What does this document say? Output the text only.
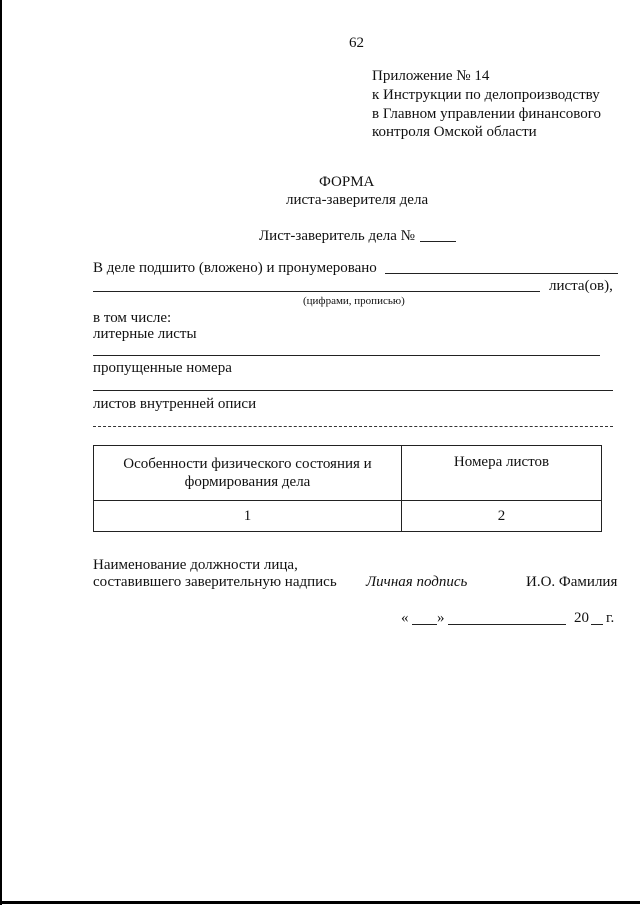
62
Приложение № 14
к Инструкции по делопроизводству
в Главном управлении финансового
контроля Омской области
ФОРМА
листа-заверителя дела
Лист-заверитель дела №
В деле подшито (вложено) и пронумеровано
листа(ов),
(цифрами, прописью)
в том числе:
литерные листы
пропущенные номера
листов внутренней описи
Особенности физического состояния и
формирования дела	Номера листов
1	2
Наименование должности лица,
составившего заверительную надпись Личная подпись	И.О. Фамилия
« »	20 г.
